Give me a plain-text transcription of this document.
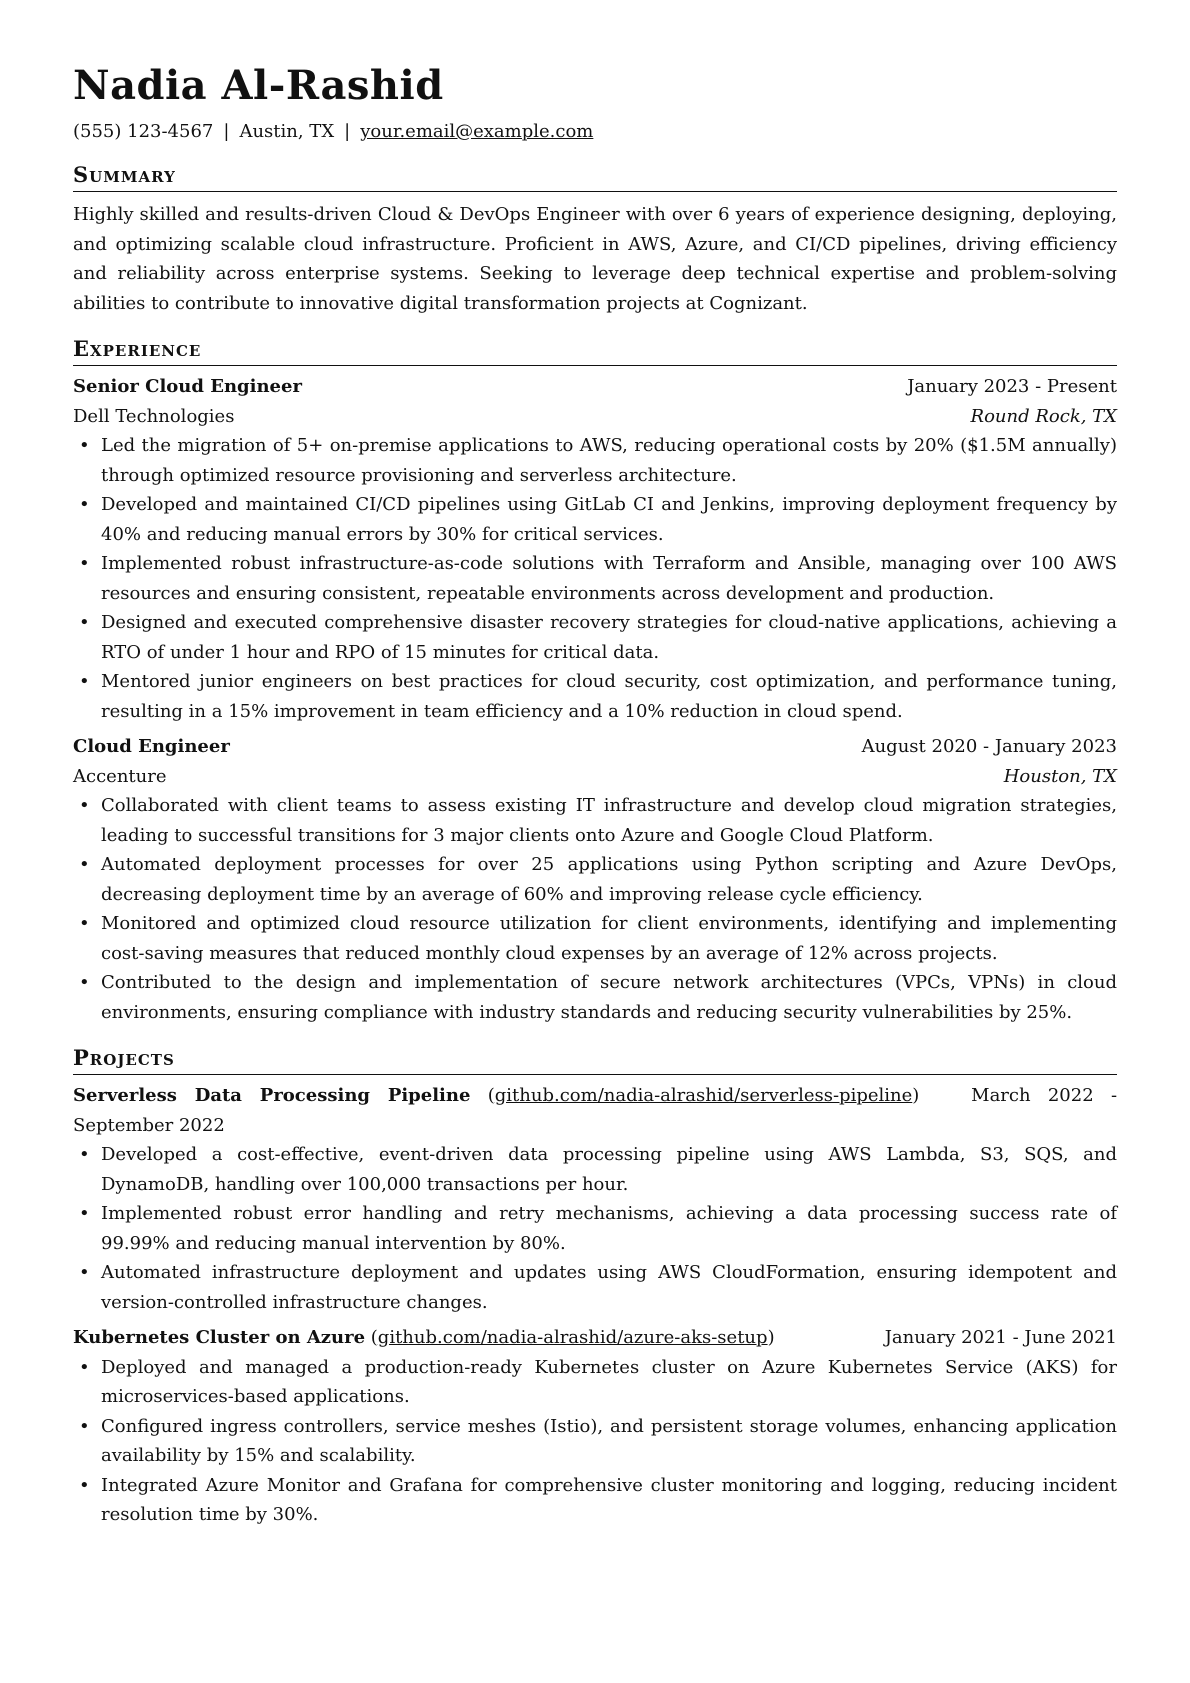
Nadia Al-Rashid
(555) 123-4567 | Austin, TX | your.email@example.com
Summary
Highly skilled and results-driven Cloud & DevOps Engineer with over 6 years of experience designing, deploying, and optimizing scalable cloud infrastructure. Proficient in AWS, Azure, and CI/CD pipelines, driving efficiency and reliability across enterprise systems. Seeking to leverage deep technical expertise and problem-solving abilities to contribute to innovative digital transformation projects at Cognizant.
Experience
Senior Cloud Engineer	January 2023 - Present
Dell Technologies	Round Rock, TX
• Led the migration of 5+ on-premise applications to AWS, reducing operational costs by 20% ($1.5M annually) through optimized resource provisioning and serverless architecture.
• Developed and maintained CI/CD pipelines using GitLab CI and Jenkins, improving deployment frequency by 40% and reducing manual errors by 30% for critical services.
• Implemented robust infrastructure-as-code solutions with Terraform and Ansible, managing over 100 AWS resources and ensuring consistent, repeatable environments across development and production.
• Designed and executed comprehensive disaster recovery strategies for cloud-native applications, achieving a RTO of under 1 hour and RPO of 15 minutes for critical data.
• Mentored junior engineers on best practices for cloud security, cost optimization, and performance tuning, resulting in a 15% improvement in team efficiency and a 10% reduction in cloud spend.
Cloud Engineer	August 2020 - January 2023
Accenture	Houston, TX
• Collaborated with client teams to assess existing IT infrastructure and develop cloud migration strategies, leading to successful transitions for 3 major clients onto Azure and Google Cloud Platform.
• Automated deployment processes for over 25 applications using Python scripting and Azure DevOps, decreasing deployment time by an average of 60% and improving release cycle efficiency.
• Monitored and optimized cloud resource utilization for client environments, identifying and implementing cost-saving measures that reduced monthly cloud expenses by an average of 12% across projects.
• Contributed to the design and implementation of secure network architectures (VPCs, VPNs) in cloud environments, ensuring compliance with industry standards and reducing security vulnerabilities by 25%.
Projects
Serverless Data Processing Pipeline (github.com/nadia-alrashid/serverless-pipeline)   March 2022 - September 2022
• Developed a cost-effective, event-driven data processing pipeline using AWS Lambda, S3, SQS, and DynamoDB, handling over 100,000 transactions per hour.
• Implemented robust error handling and retry mechanisms, achieving a data processing success rate of 99.99% and reducing manual intervention by 80%.
• Automated infrastructure deployment and updates using AWS CloudFormation, ensuring idempotent and version-controlled infrastructure changes.
Kubernetes Cluster on Azure (github.com/nadia-alrashid/azure-aks-setup)	January 2021 - June 2021
• Deployed and managed a production-ready Kubernetes cluster on Azure Kubernetes Service (AKS) for microservices-based applications.
• Configured ingress controllers, service meshes (Istio), and persistent storage volumes, enhancing application availability by 15% and scalability.
• Integrated Azure Monitor and Grafana for comprehensive cluster monitoring and logging, reducing incident resolution time by 30%.
